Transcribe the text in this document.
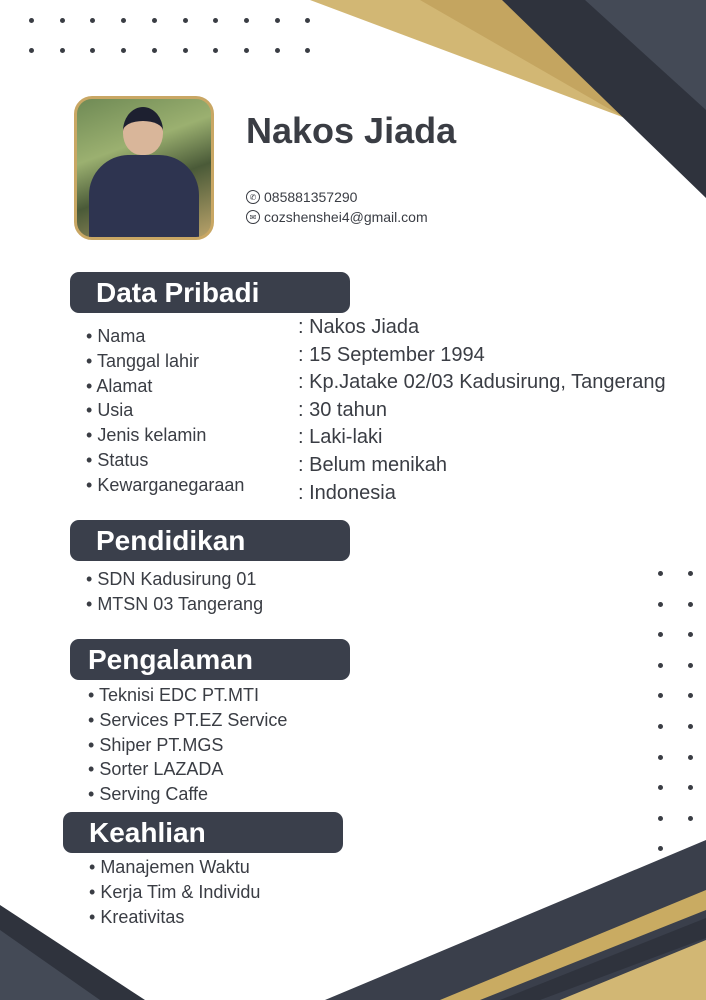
Nakos Jiada
✆ 085881357290
✉ cozshenshei4@gmail.com
Data Pribadi
• Nama	: Nakos Jiada
• Tanggal lahir	: 15 September 1994
• Alamat	: Kp.Jatake 02/03 Kadusirung, Tangerang
• Usia	: 30 tahun
• Jenis kelamin	: Laki-laki
• Status	: Belum menikah
• Kewarganegaraan	: Indonesia
Pendidikan
Pengalaman
Keahlian
• SDN Kadusirung 01
• MTSN 03 Tangerang
• Teknisi EDC PT.MTI
• Services PT.EZ Service
• Shiper PT.MGS
• Sorter LAZADA
• Serving Caffe
• Manajemen Waktu
• Kerja Tim & Individu
• Kreativitas
